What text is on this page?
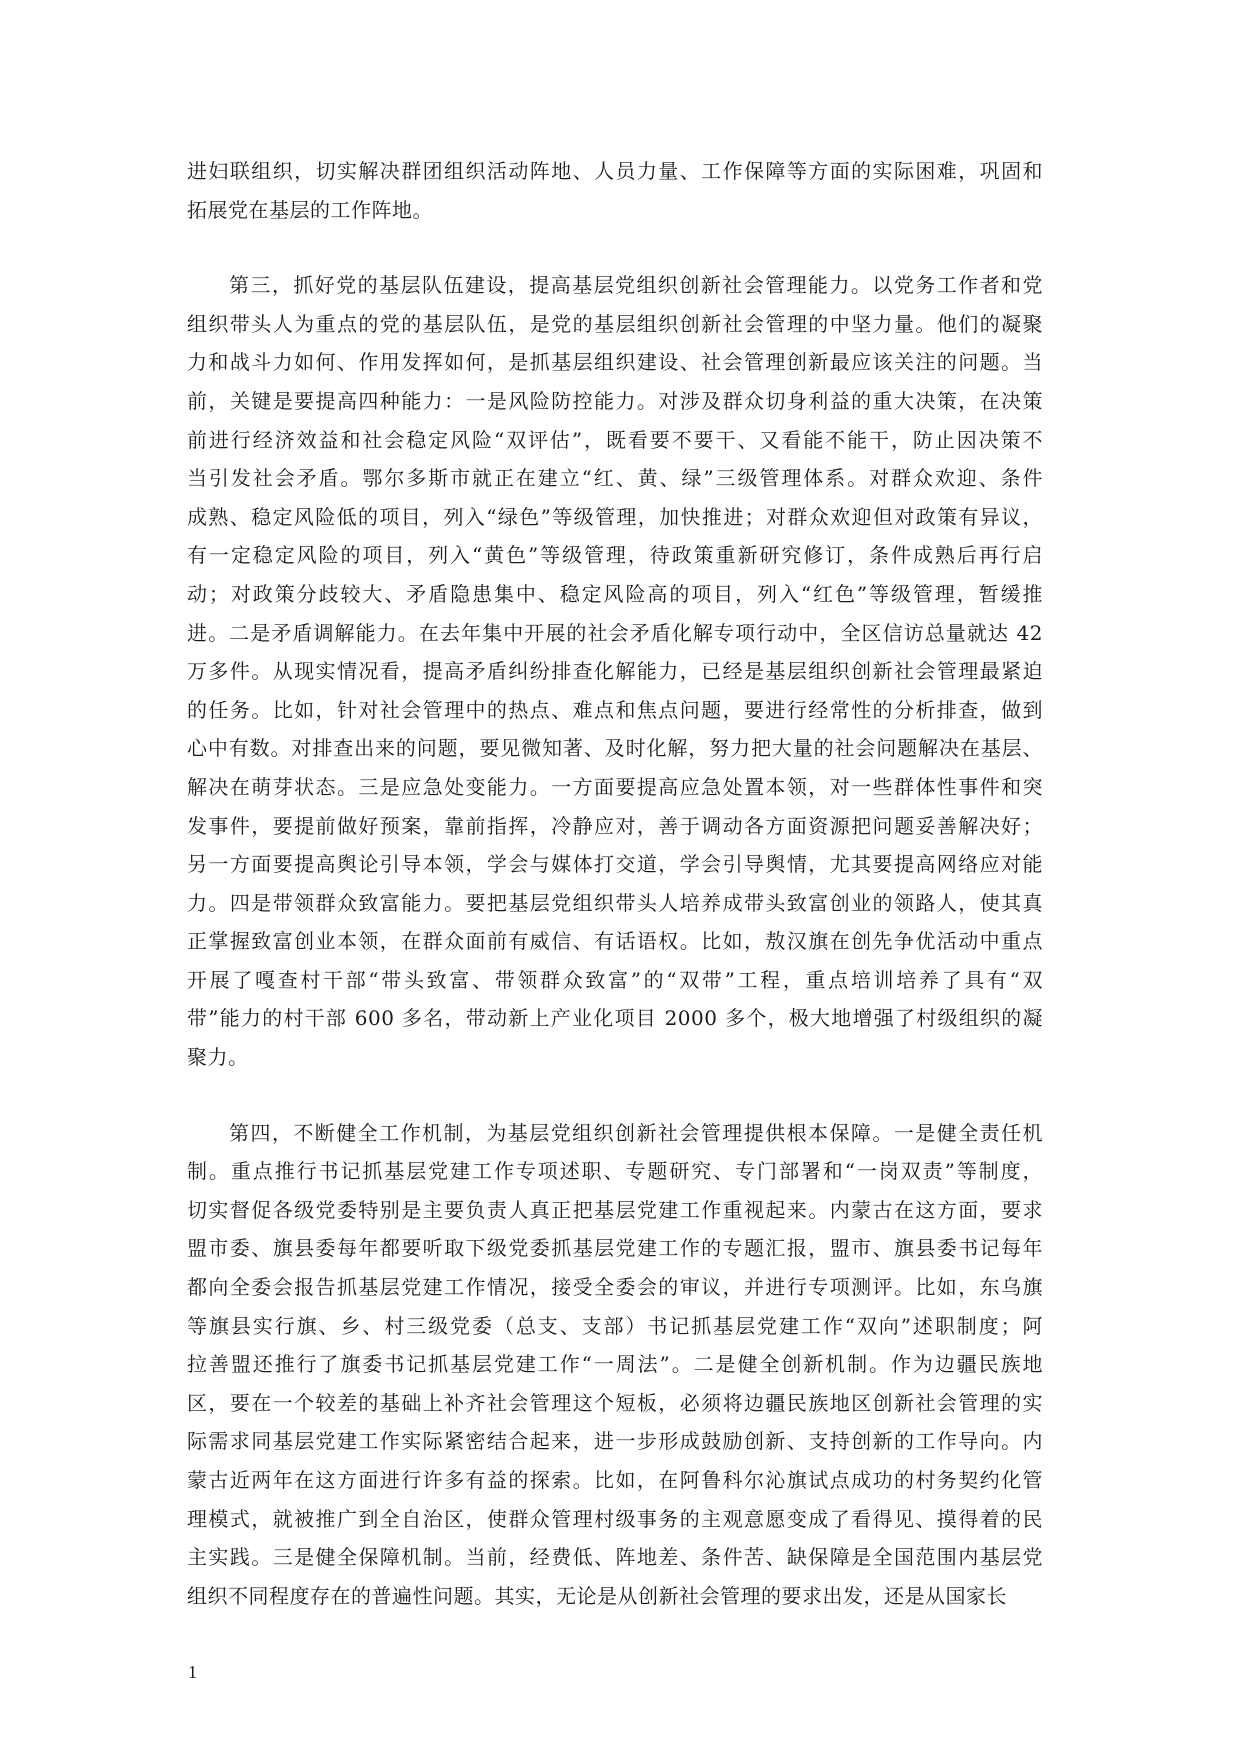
进妇联组织，切实解决群团组织活动阵地、人员力量、工作保障等方面的实际困难，巩固和
拓展党在基层的工作阵地。
第三，抓好党的基层队伍建设，提高基层党组织创新社会管理能力。以党务工作者和党
组织带头人为重点的党的基层队伍，是党的基层组织创新社会管理的中坚力量。他们的凝聚
力和战斗力如何、作用发挥如何，是抓基层组织建设、社会管理创新最应该关注的问题。当
前，关键是要提高四种能力：一是风险防控能力。对涉及群众切身利益的重大决策，在决策
前进行经济效益和社会稳定风险“双评估”，既看要不要干、又看能不能干，防止因决策不
当引发社会矛盾。鄂尔多斯市就正在建立“红、黄、绿”三级管理体系。对群众欢迎、条件
成熟、稳定风险低的项目，列入“绿色”等级管理，加快推进；对群众欢迎但对政策有异议，
有一定稳定风险的项目，列入“黄色”等级管理，待政策重新研究修订，条件成熟后再行启
动；对政策分歧较大、矛盾隐患集中、稳定风险高的项目，列入“红色”等级管理，暂缓推
进。二是矛盾调解能力。在去年集中开展的社会矛盾化解专项行动中，全区信访总量就达 42
万多件。从现实情况看，提高矛盾纠纷排查化解能力，已经是基层组织创新社会管理最紧迫
的任务。比如，针对社会管理中的热点、难点和焦点问题，要进行经常性的分析排查，做到
心中有数。对排查出来的问题，要见微知著、及时化解，努力把大量的社会问题解决在基层、
解决在萌芽状态。三是应急处变能力。一方面要提高应急处置本领，对一些群体性事件和突
发事件，要提前做好预案，靠前指挥，冷静应对，善于调动各方面资源把问题妥善解决好；
另一方面要提高舆论引导本领，学会与媒体打交道，学会引导舆情，尤其要提高网络应对能
力。四是带领群众致富能力。要把基层党组织带头人培养成带头致富创业的领路人，使其真
正掌握致富创业本领，在群众面前有威信、有话语权。比如，敖汉旗在创先争优活动中重点
开展了嘎查村干部“带头致富、带领群众致富”的“双带”工程，重点培训培养了具有“双
带”能力的村干部 600 多名，带动新上产业化项目 2000 多个，极大地增强了村级组织的凝
聚力。
第四，不断健全工作机制，为基层党组织创新社会管理提供根本保障。一是健全责任机
制。重点推行书记抓基层党建工作专项述职、专题研究、专门部署和“一岗双责”等制度，
切实督促各级党委特别是主要负责人真正把基层党建工作重视起来。内蒙古在这方面，要求
盟市委、旗县委每年都要听取下级党委抓基层党建工作的专题汇报，盟市、旗县委书记每年
都向全委会报告抓基层党建工作情况，接受全委会的审议，并进行专项测评。比如，东乌旗
等旗县实行旗、乡、村三级党委（总支、支部）书记抓基层党建工作“双向”述职制度；阿
拉善盟还推行了旗委书记抓基层党建工作“一周法”。二是健全创新机制。作为边疆民族地
区，要在一个较差的基础上补齐社会管理这个短板，必须将边疆民族地区创新社会管理的实
际需求同基层党建工作实际紧密结合起来，进一步形成鼓励创新、支持创新的工作导向。内
蒙古近两年在这方面进行许多有益的探索。比如，在阿鲁科尔沁旗试点成功的村务契约化管
理模式，就被推广到全自治区，使群众管理村级事务的主观意愿变成了看得见、摸得着的民
主实践。三是健全保障机制。当前，经费低、阵地差、条件苦、缺保障是全国范围内基层党
组织不同程度存在的普遍性问题。其实，无论是从创新社会管理的要求出发，还是从国家长
1
